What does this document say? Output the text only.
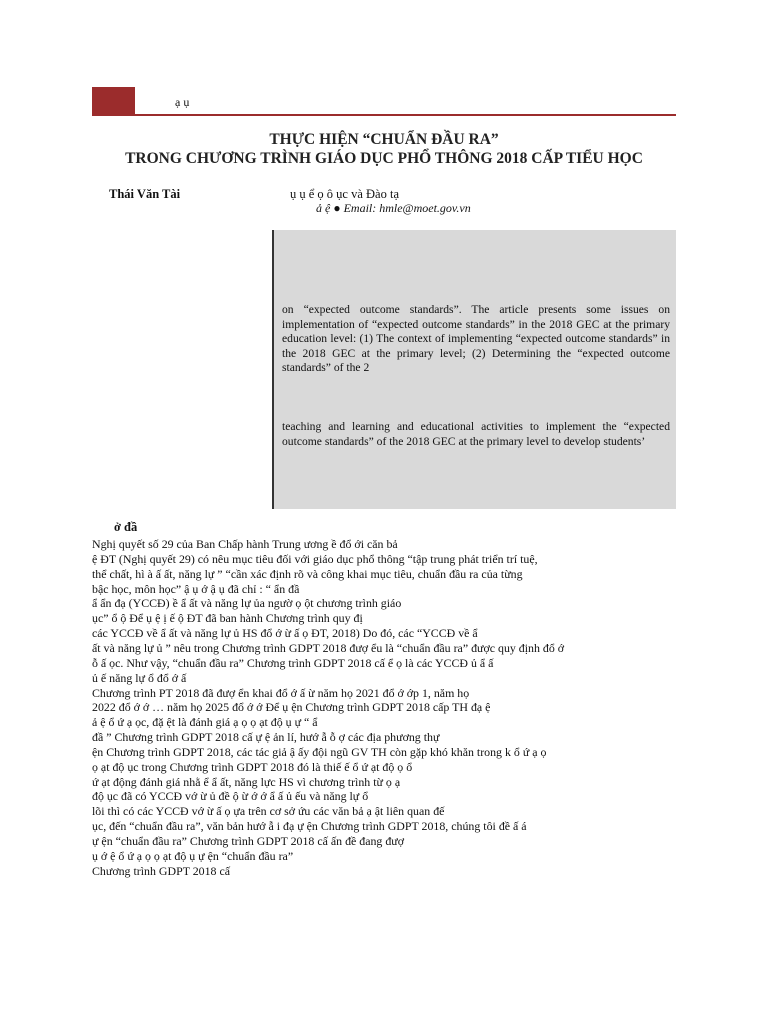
ạ ụ
THỰC HIỆN “CHUẨN ĐẦU RA”
TRONG CHƯƠNG TRÌNH GIÁO DỤC PHỔ THÔNG 2018 CẤP TIỂU HỌC
Thái Văn Tài	ụ ụ ể ọ ô ục và Đào tạ
ả ệ ● Email: hmle@moet.gov.vn

on “expected outcome standards”. The article presents some issues on implementation of “expected outcome standards” in the 2018 GEC at the primary education level: (1) The context of implementing “expected outcome standards” in the 2018 GEC at the primary level; (2) Determining the “expected outcome standards” of the 2

teaching and learning and educational activities to implement the “expected outcome standards” of the 2018 GEC at the primary level to develop students’

ở đầ
Nghị quyết số 29 của Ban Chấp hành Trung ương ề đổ ới căn bả
ệ ĐT (Nghị quyết 29) có nêu mục tiêu đối với giáo dục phổ thông “tập trung phát triển trí tuệ,
thể chất, hì à ấ ất, năng lự ” “cần xác định rõ và công khai mục tiêu, chuẩn đầu ra của từng
bậc học, môn học” ậ ụ ớ ậ ụ đã chỉ : “ ẩn đầ
ẩ ẩn đạ (YCCĐ) ề ẩ ất và năng lự ủa ngườ ọ ột chương trình giáo
ục” ổ ộ Để ụ ệ ị ế ộ ĐT đã ban hành Chương trình quy đị
các YCCĐ về ẩ ất và năng lự ủ HS đổ ớ ừ ấ ọ ĐT, 2018) Do đó, các “YCCĐ về ẩ
ất và năng lự ủ ” nêu trong Chương trình GDPT 2018 đượ ểu là “chuẩn đầu ra” được quy định đổ ớ
ỗ ấ ọc. Như vậy, “chuẩn đầu ra” Chương trình GDPT 2018 cấ ể ọ là các YCCĐ ủ ẩ ấ
ủ ế năng lự ổ đổ ớ ấ
Chương trình PT 2018 đã đượ ển khai đổ ớ ấ ừ năm họ 2021 đổ ớ ớp 1, năm họ
2022 đổ ớ ớ … năm họ 2025 đổ ớ ớ Để ụ ện Chương trình GDPT 2018 cấp TH đạ ệ
ả ệ ổ ứ ạ ọc, đặ ệt là đánh giá ạ ọ ọ ạt độ ụ ự “ ẩ
đầ ” Chương trình GDPT 2018 cấ ự ệ ản lí, hướ ẫ ỗ ợ các địa phương thự
ện Chương trình GDPT 2018, các tác giả ậ ấy đội ngũ GV TH còn gặp khó khăn trong k ổ ứ ạ ọ
ọ ạt độ ục trong Chương trình GDPT 2018 đó là thiế ế ổ ứ ạt độ ọ ổ
ứ ạt động đánh giá nhằ ể ẩ ất, năng lực HS vì chương trình từ ọ ạ
độ ục đã có YCCĐ vớ ừ ủ đề ộ ừ ớ ớ ẩ ấ ủ ếu và năng lự ổ
lõi thì có các YCCĐ vớ ừ ấ ọ ựa trên cơ sở ứu các văn bả ạ ật liên quan đế
ục, đến “chuẩn đầu ra”, văn bản hướ ẫ i đạ ự ện Chương trình GDPT 2018, chúng tôi đề ấ á
ự ện “chuẩn đầu ra” Chương trình GDPT 2018 cấ ấn đề đang đượ
ụ ớ ệ ổ ứ ạ ọ ọ ạt độ ụ ự ện “chuẩn đầu ra”
Chương trình GDPT 2018 cấ
